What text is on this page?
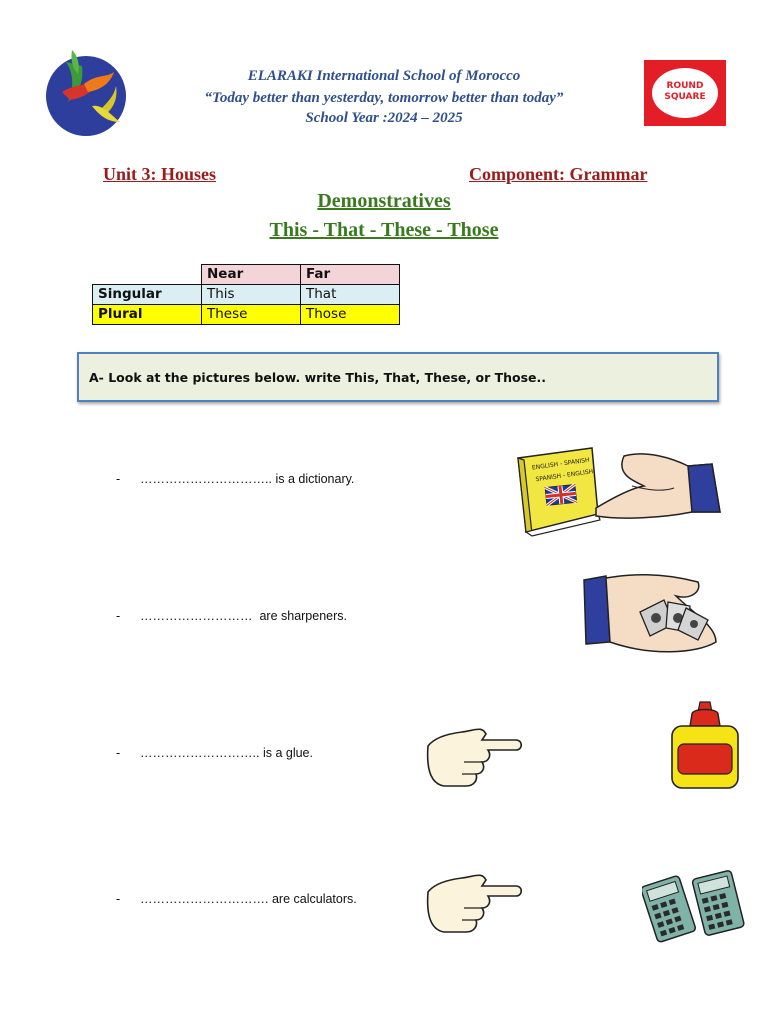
ELARAKI International School of Morocco
“Today better than yesterday, tomorrow better than today”
School Year :2024 – 2025
ROUND
SQUARE
Unit 3: Houses	Component: Grammar
Demonstratives
This - That - These - Those
	Near	Far
Singular	This	That
Plural	These	Those
A- Look at the pictures below. write This, That, These, or Those..
- ………………………….. is a dictionary.
ENGLISH - SPANISH
SPANISH - ENGLISH
- ……………………… are sharpeners.
- ……………………….. is a glue.
- …………………………. are calculators.
